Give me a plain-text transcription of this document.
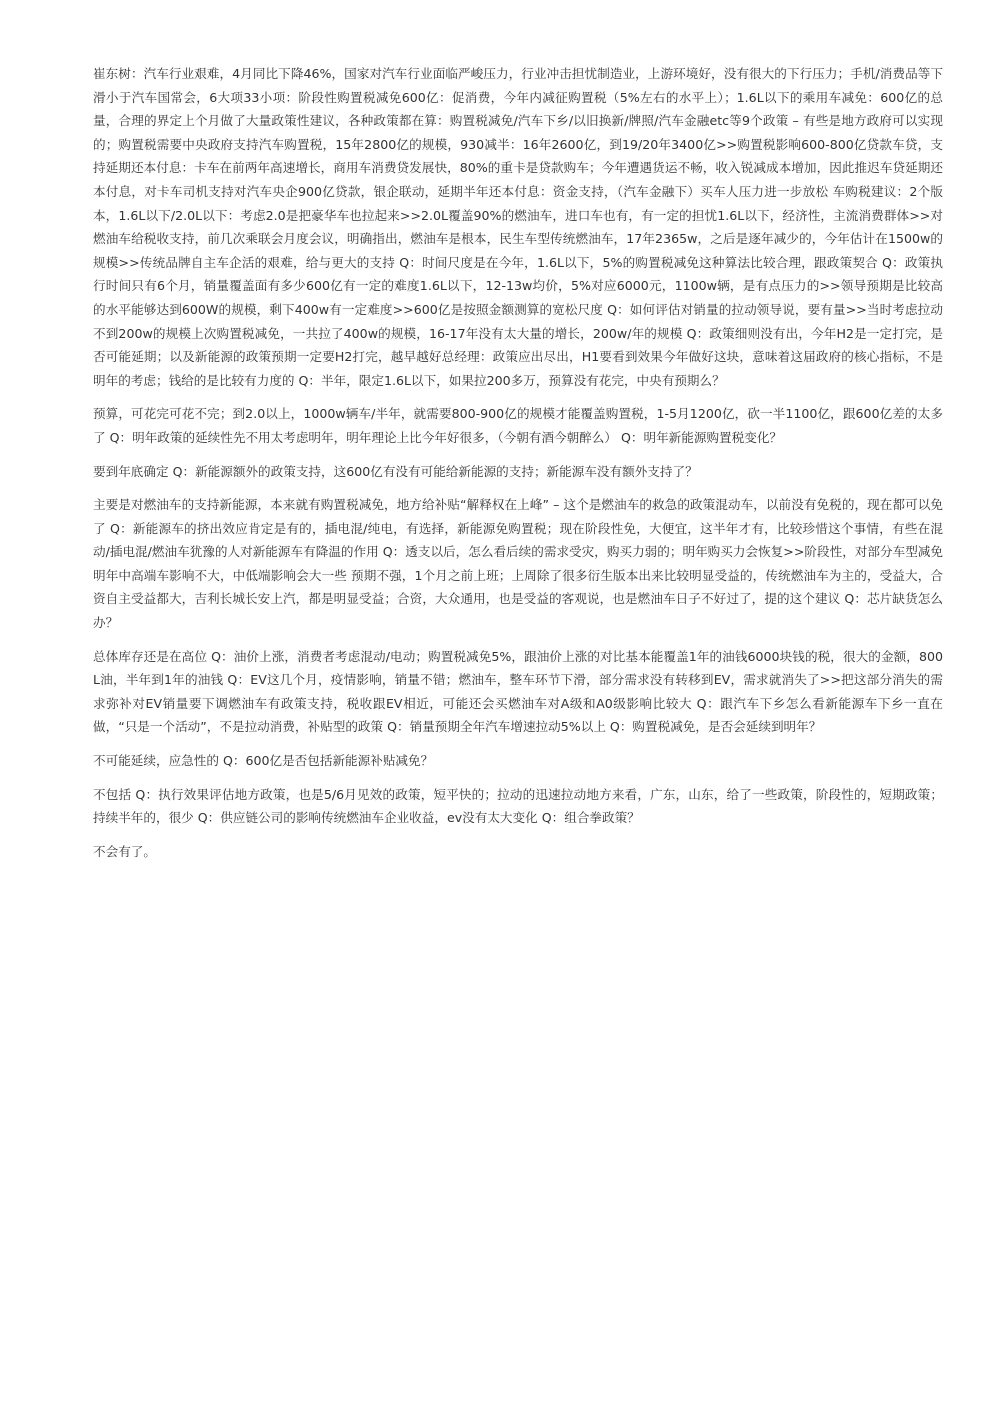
崔东树：汽车行业艰难，4月同比下降46%，国家对汽车行业面临严峻压力，行业冲击担忧制造业，上游环境好，没有很大的下行压力；手机/消费品等下滑小于汽车国常会，6大项33小项：阶段性购置税减免600亿：促消费，今年内减征购置税（5%左右的水平上）；1.6L以下的乘用车减免：600亿的总量，合理的界定上个月做了大量政策性建议，各种政策都在算：购置税减免/汽车下乡/以旧换新/牌照/汽车金融etc等9个政策 – 有些是地方政府可以实现的；购置税需要中央政府支持汽车购置税，15年2800亿的规模，930减半：16年2600亿，到19/20年3400亿>>购置税影响600-800亿贷款车贷，支持延期还本付息：卡车在前两年高速增长，商用车消费贷发展快，80%的重卡是贷款购车；今年遭遇货运不畅，收入锐减成本增加，因此推迟车贷延期还本付息，对卡车司机支持对汽车央企900亿贷款，银企联动，延期半年还本付息：资金支持，（汽车金融下）买车人压力进一步放松 车购税建议：2个版本，1.6L以下/2.0L以下：考虑2.0是把豪华车也拉起来>>2.0L覆盖90%的燃油车，进口车也有，有一定的担忧1.6L以下，经济性，主流消费群体>>对燃油车给税收支持，前几次乘联会月度会议，明确指出，燃油车是根本，民生车型传统燃油车，17年2365w，之后是逐年减少的，今年估计在1500w的规模>>传统品牌自主车企活的艰难，给与更大的支持 Q：时间尺度是在今年，1.6L以下，5%的购置税减免这种算法比较合理，跟政策契合 Q：政策执行时间只有6个月，销量覆盖面有多少600亿有一定的难度1.6L以下，12-13w均价，5%对应6000元，1100w辆，是有点压力的>>领导预期是比较高的水平能够达到600W的规模，剩下400w有一定难度>>600亿是按照金额测算的宽松尺度 Q：如何评估对销量的拉动领导说，要有量>>当时考虑拉动不到200w的规模上次购置税减免，一共拉了400w的规模，16-17年没有太大量的增长，200w/年的规模 Q：政策细则没有出，今年H2是一定打完，是否可能延期；以及新能源的政策预期一定要H2打完，越早越好总经理：政策应出尽出，H1要看到效果今年做好这块，意味着这届政府的核心指标，不是明年的考虑；钱给的是比较有力度的 Q：半年，限定1.6L以下，如果拉200多万，预算没有花完，中央有预期么？

预算，可花完可花不完；到2.0以上，1000w辆车/半年，就需要800-900亿的规模才能覆盖购置税，1-5月1200亿，砍一半1100亿，跟600亿差的太多了 Q：明年政策的延续性先不用太考虑明年，明年理论上比今年好很多，（今朝有酒今朝醉么） Q：明年新能源购置税变化？

要到年底确定 Q：新能源额外的政策支持，这600亿有没有可能给新能源的支持；新能源车没有额外支持了？

主要是对燃油车的支持新能源，本来就有购置税减免，地方给补贴“解释权在上峰” – 这个是燃油车的救急的政策混动车，以前没有免税的，现在都可以免了 Q：新能源车的挤出效应肯定是有的，插电混/纯电，有选择，新能源免购置税；现在阶段性免，大便宜，这半年才有，比较珍惜这个事情，有些在混动/插电混/燃油车犹豫的人对新能源车有降温的作用 Q：透支以后，怎么看后续的需求受灾，购买力弱的；明年购买力会恢复>>阶段性，对部分车型减免明年中高端车影响不大，中低端影响会大一些 预期不强，1个月之前上班；上周除了很多衍生版本出来比较明显受益的，传统燃油车为主的，受益大，合资自主受益都大，吉利长城长安上汽，都是明显受益；合资，大众通用，也是受益的客观说，也是燃油车日子不好过了，提的这个建议 Q：芯片缺货怎么办？

总体库存还是在高位 Q：油价上涨，消费者考虑混动/电动；购置税减免5%，跟油价上涨的对比基本能覆盖1年的油钱6000块钱的税，很大的金额，800L油，半年到1年的油钱 Q：EV这几个月，疫情影响，销量不错；燃油车，整车环节下滑，部分需求没有转移到EV，需求就消失了>>把这部分消失的需求弥补对EV销量要下调燃油车有政策支持，税收跟EV相近，可能还会买燃油车对A级和A0级影响比较大 Q：跟汽车下乡怎么看新能源车下乡一直在做，“只是一个活动”，不是拉动消费，补贴型的政策 Q：销量预期全年汽车增速拉动5%以上 Q：购置税减免，是否会延续到明年？

不可能延续，应急性的 Q：600亿是否包括新能源补贴减免？

不包括 Q：执行效果评估地方政策，也是5/6月见效的政策，短平快的；拉动的迅速拉动地方来看，广东，山东，给了一些政策，阶段性的，短期政策；持续半年的，很少 Q：供应链公司的影响传统燃油车企业收益，ev没有太大变化 Q：组合拳政策？

不会有了。
